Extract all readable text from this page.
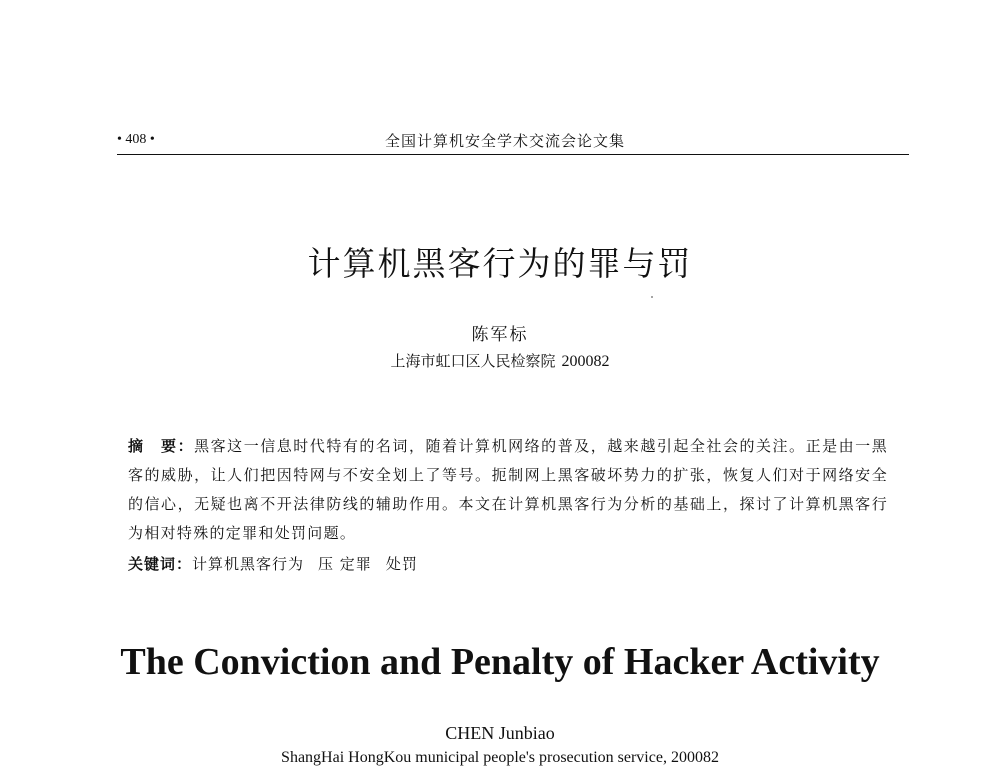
• 408 •	全国计算机安全学术交流会论文集
计算机黑客行为的罪与罚
陈军标
上海市虹口区人民检察院 200082
摘　要：黑客这一信息时代特有的名词，随着计算机网络的普及，越来越引起全社会的关注。正是由一黑客的威胁，让人们把因特网与不安全划上了等号。扼制网上黑客破坏势力的扩张，恢复人们对于网络安全的信心，无疑也离不开法律防线的辅助作用。本文在计算机黑客行为分析的基础上，探讨了计算机黑客行为相对特殊的定罪和处罚问题。
关键词：计算机黑客行为 压 定罪 处罚
The Conviction and Penalty of Hacker Activity
CHEN Junbiao
ShangHai HongKou municipal people's prosecution service, 200082
